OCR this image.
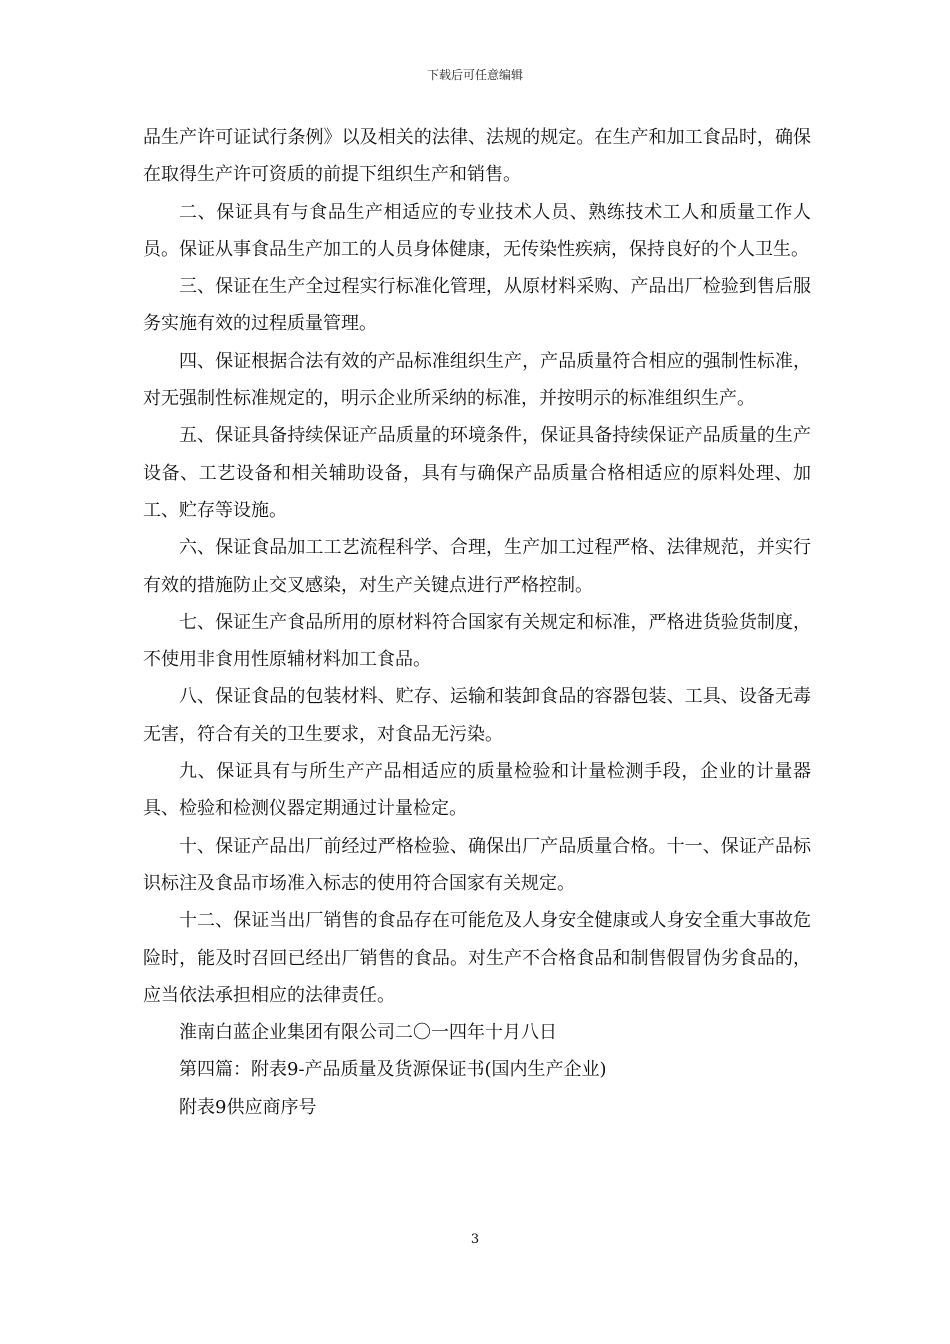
下载后可任意编辑

品生产许可证试行条例》以及相关的法律、法规的规定。在生产和加工食品时，确保在取得生产许可资质的前提下组织生产和销售。

二、保证具有与食品生产相适应的专业技术人员、熟练技术工人和质量工作人员。保证从事食品生产加工的人员身体健康，无传染性疾病，保持良好的个人卫生。

三、保证在生产全过程实行标准化管理，从原材料采购、产品出厂检验到售后服务实施有效的过程质量管理。

四、保证根据合法有效的产品标准组织生产，产品质量符合相应的强制性标准，对无强制性标准规定的，明示企业所采纳的标准，并按明示的标准组织生产。

五、保证具备持续保证产品质量的环境条件，保证具备持续保证产品质量的生产设备、工艺设备和相关辅助设备，具有与确保产品质量合格相适应的原料处理、加工、贮存等设施。

六、保证食品加工工艺流程科学、合理，生产加工过程严格、法律规范，并实行有效的措施防止交叉感染，对生产关键点进行严格控制。

七、保证生产食品所用的原材料符合国家有关规定和标准，严格进货验货制度，不使用非食用性原辅材料加工食品。

八、保证食品的包装材料、贮存、运输和装卸食品的容器包装、工具、设备无毒无害，符合有关的卫生要求，对食品无污染。

九、保证具有与所生产产品相适应的质量检验和计量检测手段，企业的计量器具、检验和检测仪器定期通过计量检定。

十、保证产品出厂前经过严格检验、确保出厂产品质量合格。十一、保证产品标识标注及食品市场准入标志的使用符合国家有关规定。

十二、保证当出厂销售的食品存在可能危及人身安全健康或人身安全重大事故危险时，能及时召回已经出厂销售的食品。对生产不合格食品和制售假冒伪劣食品的，应当依法承担相应的法律责任。

淮南白蓝企业集团有限公司二〇一四年十月八日

第四篇：附表9-产品质量及货源保证书(国内生产企业)

附表9供应商序号

3
